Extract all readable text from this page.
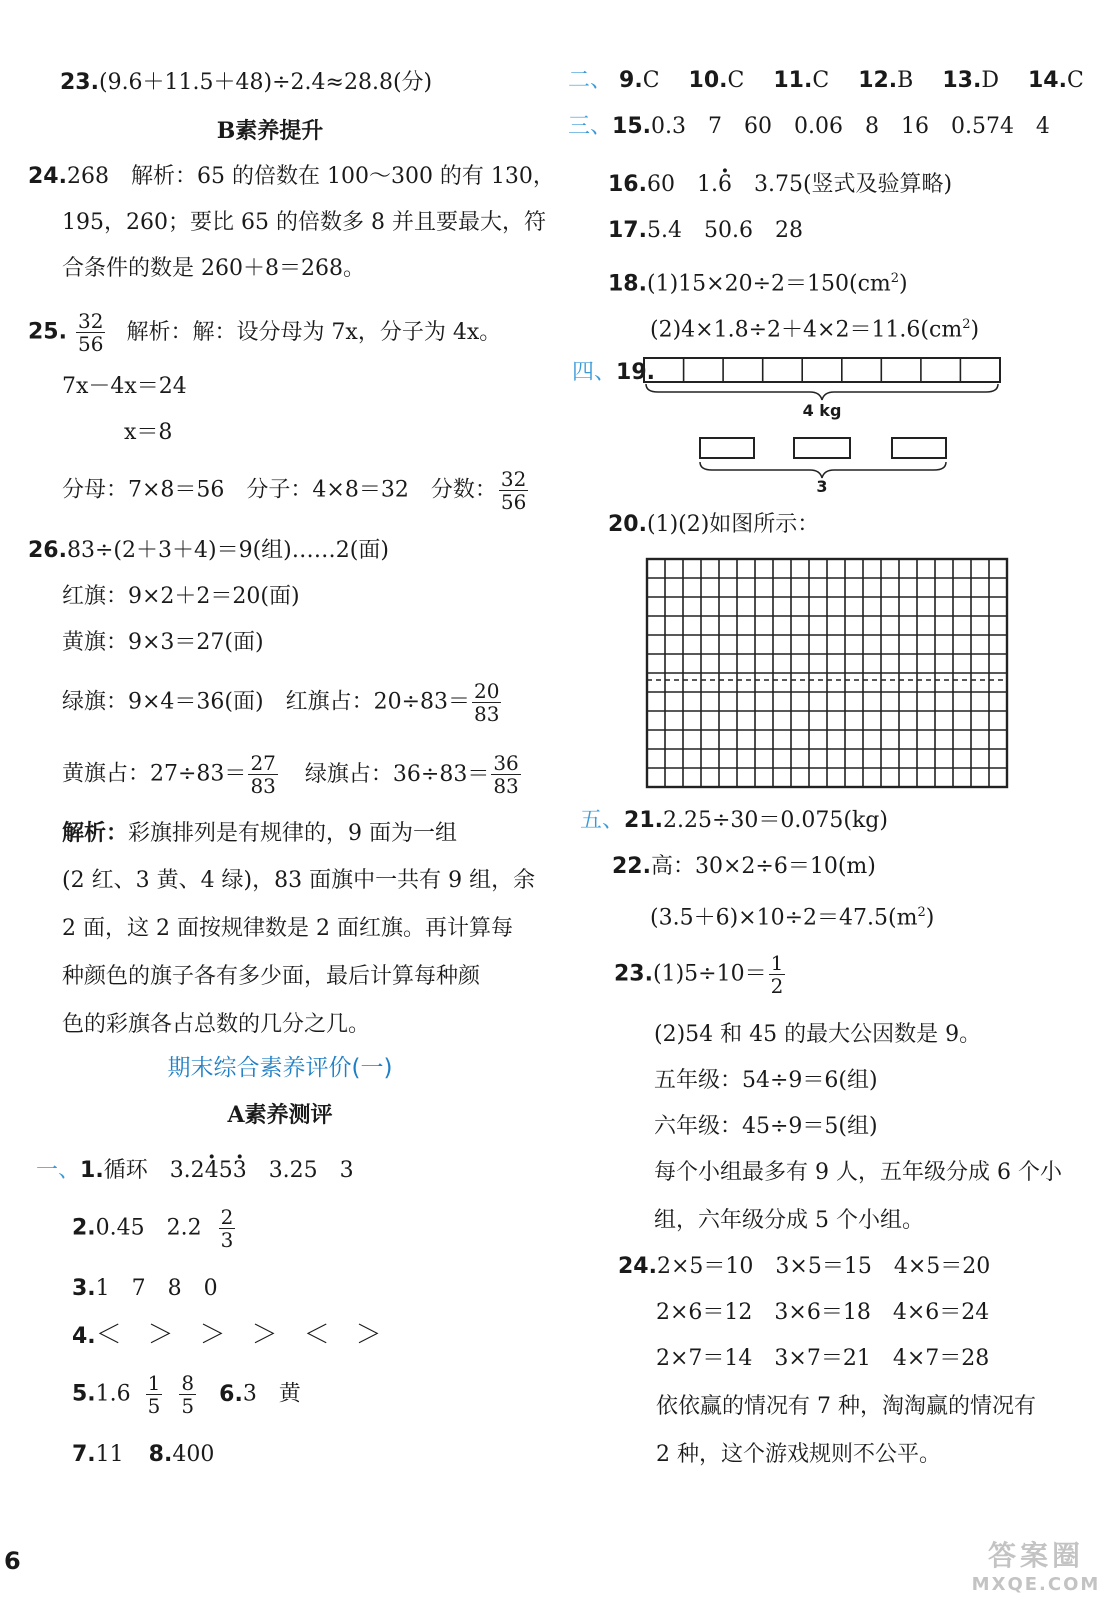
23.(9.6＋11.5＋48)÷2.4≈28.8(分)
B素养提升
24.268　解析：65 的倍数在 100～300 的有 130，
195，260；要比 65 的倍数多 8 并且要最大，符
合条件的数是 260＋8＝268。
25. $\frac{32}{56}$ 解析：解：设分母为 7x，分子为 4x。
7x－4x＝24
x＝8
分母：7×8＝56　分子：4×8＝32　分数： $\frac{32}{56}$
26.83÷(2＋3＋4)＝9(组)……2(面)
红旗：9×2＋2＝20(面)
黄旗：9×3＝27(面)
绿旗：9×4＝36(面)　红旗占：$20\div 83= \frac{20}{83}$
黄旗占：$27\div 83= \frac{27}{83}$ 绿旗占：$36\div 83= \frac{36}{83}$
解析：彩旗排列是有规律的，9 面为一组
(2 红、3 黄、4 绿)，83 面旗中一共有 9 组，余
2 面，这 2 面按规律数是 2 面红旗。再计算每
种颜色的旗子各有多少面，最后计算每种颜
色的彩旗各占总数的几分之几。
期末综合素养评价(一)
A素养测评
一、1.循环　3.2· 45· 3　3.25　3
2.0.45　$2.2 \frac{2}{3}$
3.1　7　8　0
4.＜　＞　＞　＞　＜　＞
$5.1.6 \frac{1}{5}$
$\frac{8}{5} 6.3$　黄
7.11 8.400
6
二、 9.C 10.C 11.C 12.B 13.D 14.C
三、15.0.3　7　60　0.06　8　16　0.574　4
16.60　1.· 6　3.75(竖式及验算略)
17.5.4　50.6　28
$18.(1)15\times 20\div 2=150(cm^2)$
$(2)4\times 1.8\div 2+4\times 2=11.6(cm^2)$
四、19.
4 kg
3
20.(1)(2)如图所示：
五、21.2.25÷30＝0.075(kg)
22.高：30×2÷6＝10(m)
$(3.5+6)\times 10\div 2=47.5(m^2)$
$23.(1)5\div 10= \frac{1}{2}$
(2)54 和 45 的最大公因数是 9。
五年级：54÷9＝6(组)
六年级：45÷9＝5(组)
每个小组最多有 9 人，五年级分成 6 个小
组，六年级分成 5 个小组。
24.2×5＝10　3×5＝15　4×5＝20
2×6＝12　3×6＝18　4×6＝24
2×7＝14　3×7＝21　4×7＝28
依依赢的情况有 7 种，淘淘赢的情况有
2 种，这个游戏规则不公平。
答案圈
MXQE.COM
